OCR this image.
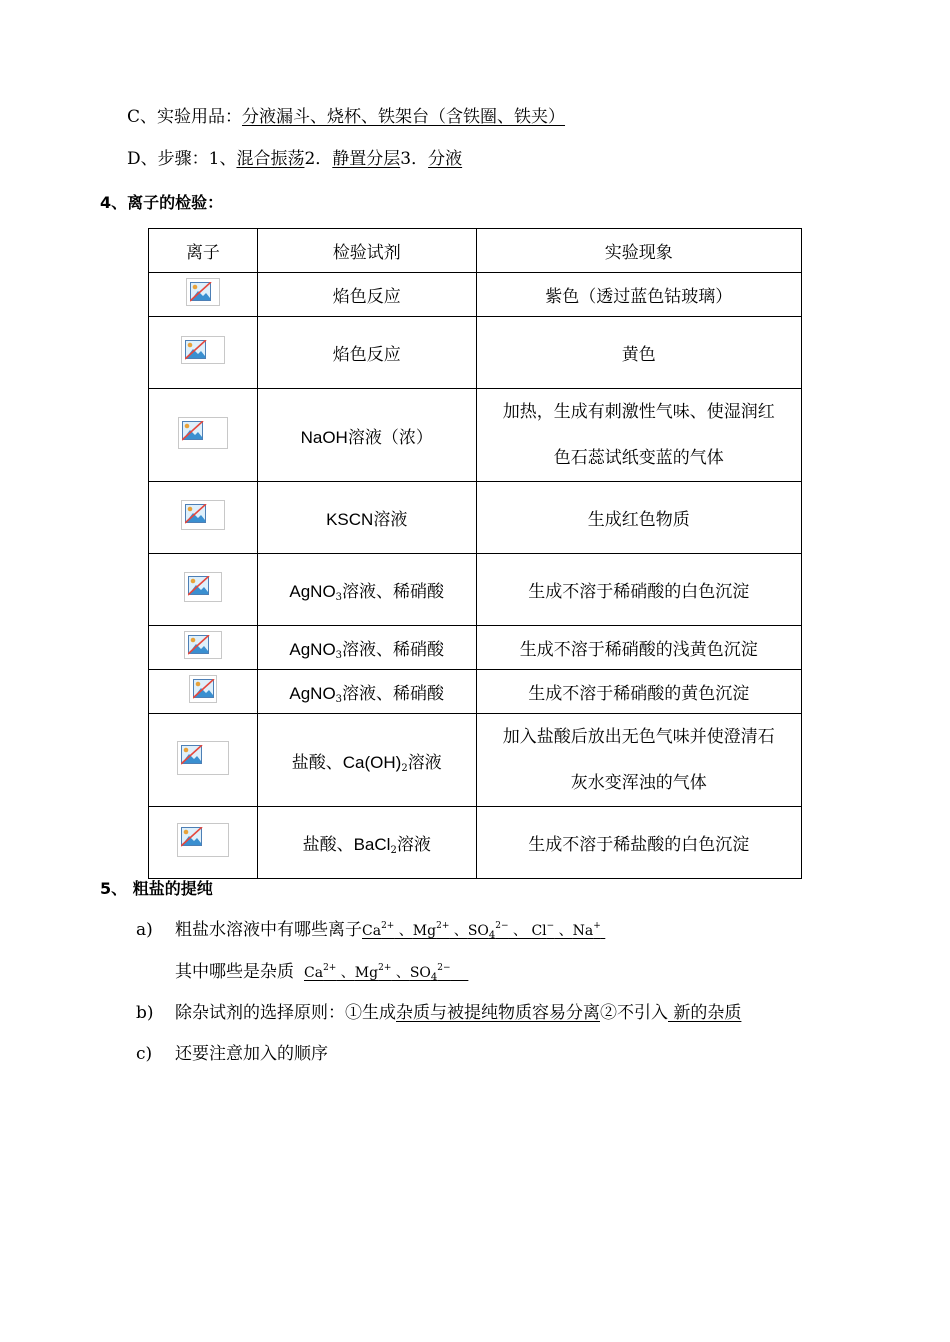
C、实验用品：分液漏斗、烧杯、铁架台（含铁圈、铁夹）
D、步骤：1、混合振荡2．静置分层3．分液
4、离子的检验：
离子	检验试剂	实验现象

	焰色反应	紫色（透过蓝色钴玻璃）

	焰色反应	黄色

	NaOH溶液（浓）	加热，生成有刺激性气味、使湿润红
色石蕊试纸变蓝的气体

	KSCN溶液	生成红色物质

	AgNO$_3$溶液、稀硝酸	生成不溶于稀硝酸的白色沉淀

	AgNO$_3$溶液、稀硝酸	生成不溶于稀硝酸的浅黄色沉淀

	AgNO$_3$溶液、稀硝酸	生成不溶于稀硝酸的黄色沉淀

	盐酸、$Ca(OH)_2$溶液	加入盐酸后放出无色气味并使澄清石
灰水变浑浊的气体

	盐酸、BaCl$_2$溶液	生成不溶于稀盐酸的白色沉淀
5、 粗盐的提纯
a) 粗盐水溶液中有哪些离子$Ca^{2+}$ 、$Mg^{2+}$ 、$SO_4^{2-}$ 、 Cl− 、Na+
其中哪些是杂质 $Ca^{2+}$ 、$Mg^{2+}$ 、$SO_4^{2-}$
b) 除杂试剂的选择原则：①生成杂质与被提纯物质容易分离②不引入 新的杂质
c) 还要注意加入的顺序
